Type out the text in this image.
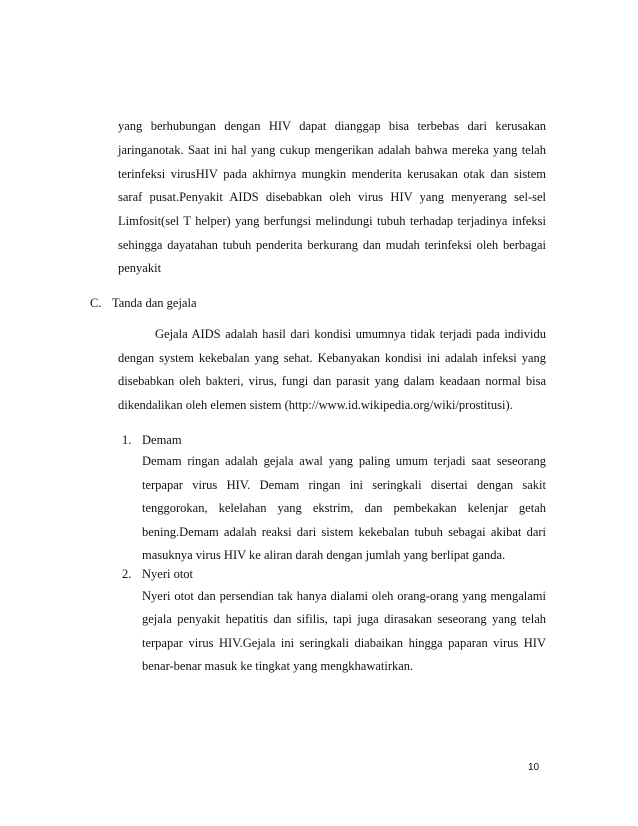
yang berhubungan dengan HIV dapat dianggap bisa terbebas dari kerusakan
jaringanotak. Saat ini hal yang cukup mengerikan adalah bahwa mereka yang telah
terinfeksi virusHIV pada akhirnya mungkin menderita kerusakan otak dan sistem
saraf pusat.Penyakit AIDS disebabkan oleh virus HIV yang menyerang sel-sel
Limfosit(sel T helper) yang berfungsi melindungi tubuh terhadap terjadinya infeksi
sehingga dayatahan tubuh penderita berkurang dan mudah terinfeksi oleh berbagai
penyakit
C. Tanda dan gejala
Gejala AIDS adalah hasil dari kondisi umumnya tidak terjadi pada individu
dengan system kekebalan yang sehat. Kebanyakan kondisi ini adalah infeksi yang
disebabkan oleh bakteri, virus, fungi dan parasit yang dalam keadaan normal bisa
dikendalikan oleh elemen sistem (http://www.id.wikipedia.org/wiki/prostitusi).
1. Demam
Demam ringan adalah gejala awal yang paling umum terjadi saat seseorang
terpapar virus HIV. Demam ringan ini seringkali disertai dengan sakit
tenggorokan, kelelahan yang ekstrim, dan pembekakan kelenjar getah
bening.Demam adalah reaksi dari sistem kekebalan tubuh sebagai akibat dari
masuknya virus HIV ke aliran darah dengan jumlah yang berlipat ganda.
2. Nyeri otot
Nyeri otot dan persendian tak hanya dialami oleh orang-orang yang mengalami
gejala penyakit hepatitis dan sifilis, tapi juga dirasakan seseorang yang telah
terpapar virus HIV.Gejala ini seringkali diabaikan hingga paparan virus HIV
benar-benar masuk ke tingkat yang mengkhawatirkan.
10
